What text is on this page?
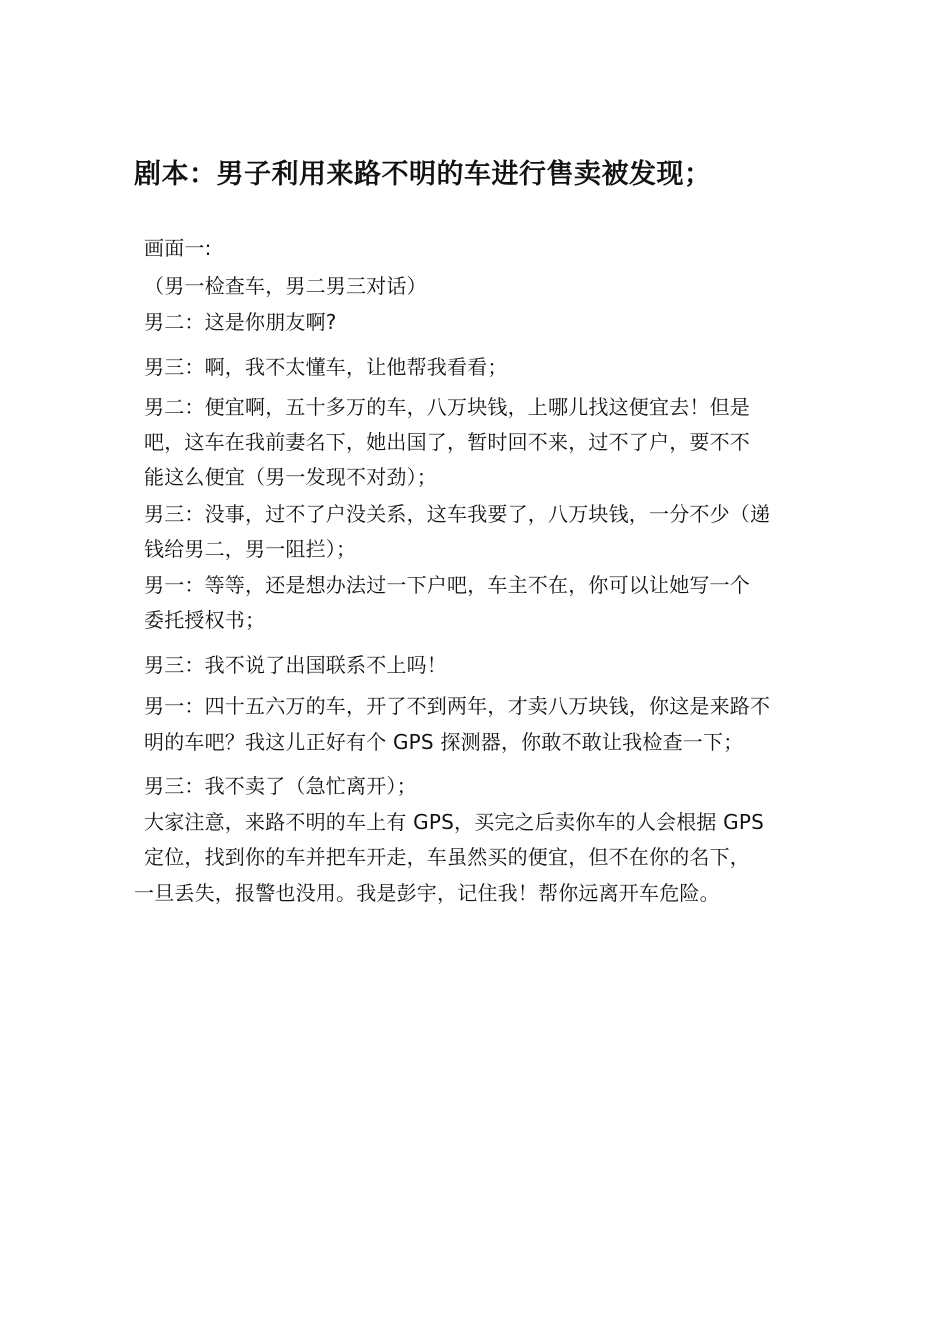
剧本：男子利用来路不明的车进行售卖被发现；
画面一:
（男一检查车，男二男三对话）
男二：这是你朋友啊?
男三：啊，我不太懂车，让他帮我看看；
男二：便宜啊，五十多万的车，八万块钱，上哪儿找这便宜去！但是
吧，这车在我前妻名下，她出国了，暂时回不来，过不了户，要不不
能这么便宜（男一发现不对劲）；
男三：没事，过不了户没关系，这车我要了，八万块钱，一分不少（递
钱给男二，男一阻拦）；
男一：等等，还是想办法过一下户吧，车主不在，你可以让她写一个
委托授权书；
男三：我不说了出国联系不上吗！
男一：四十五六万的车，开了不到两年，才卖八万块钱，你这是来路不
明的车吧？我这儿正好有个 GPS 探测器，你敢不敢让我检查一下；
男三：我不卖了（急忙离开）；
大家注意，来路不明的车上有 GPS，买完之后卖你车的人会根据 GPS
定位，找到你的车并把车开走，车虽然买的便宜，但不在你的名下，
一旦丢失，报警也没用。我是彭宇，记住我！帮你远离开车危险。
